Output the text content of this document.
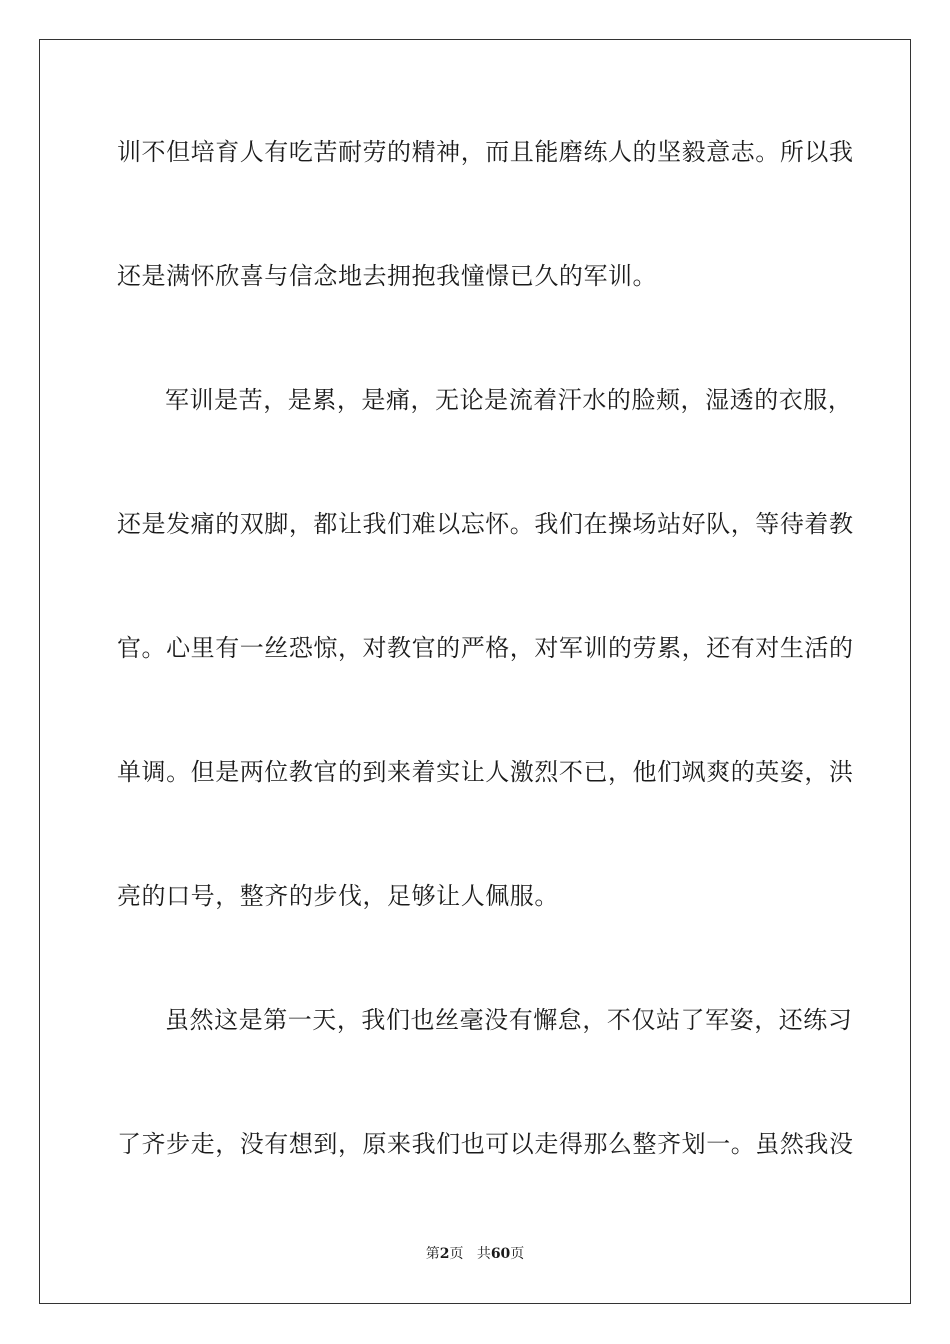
训不但培育人有吃苦耐劳的精神，而且能磨练人的坚毅意志。所以我
还是满怀欣喜与信念地去拥抱我憧憬已久的军训。
军训是苦，是累，是痛，无论是流着汗水的脸颊，湿透的衣服，
还是发痛的双脚，都让我们难以忘怀。我们在操场站好队，等待着教
官。心里有一丝恐惊，对教官的严格，对军训的劳累，还有对生活的
单调。但是两位教官的到来着实让人激烈不已，他们飒爽的英姿，洪
亮的口号，整齐的步伐，足够让人佩服。
虽然这是第一天，我们也丝毫没有懈怠，不仅站了军姿，还练习
了齐步走，没有想到，原来我们也可以走得那么整齐划一。虽然我没
第2页 共60页
